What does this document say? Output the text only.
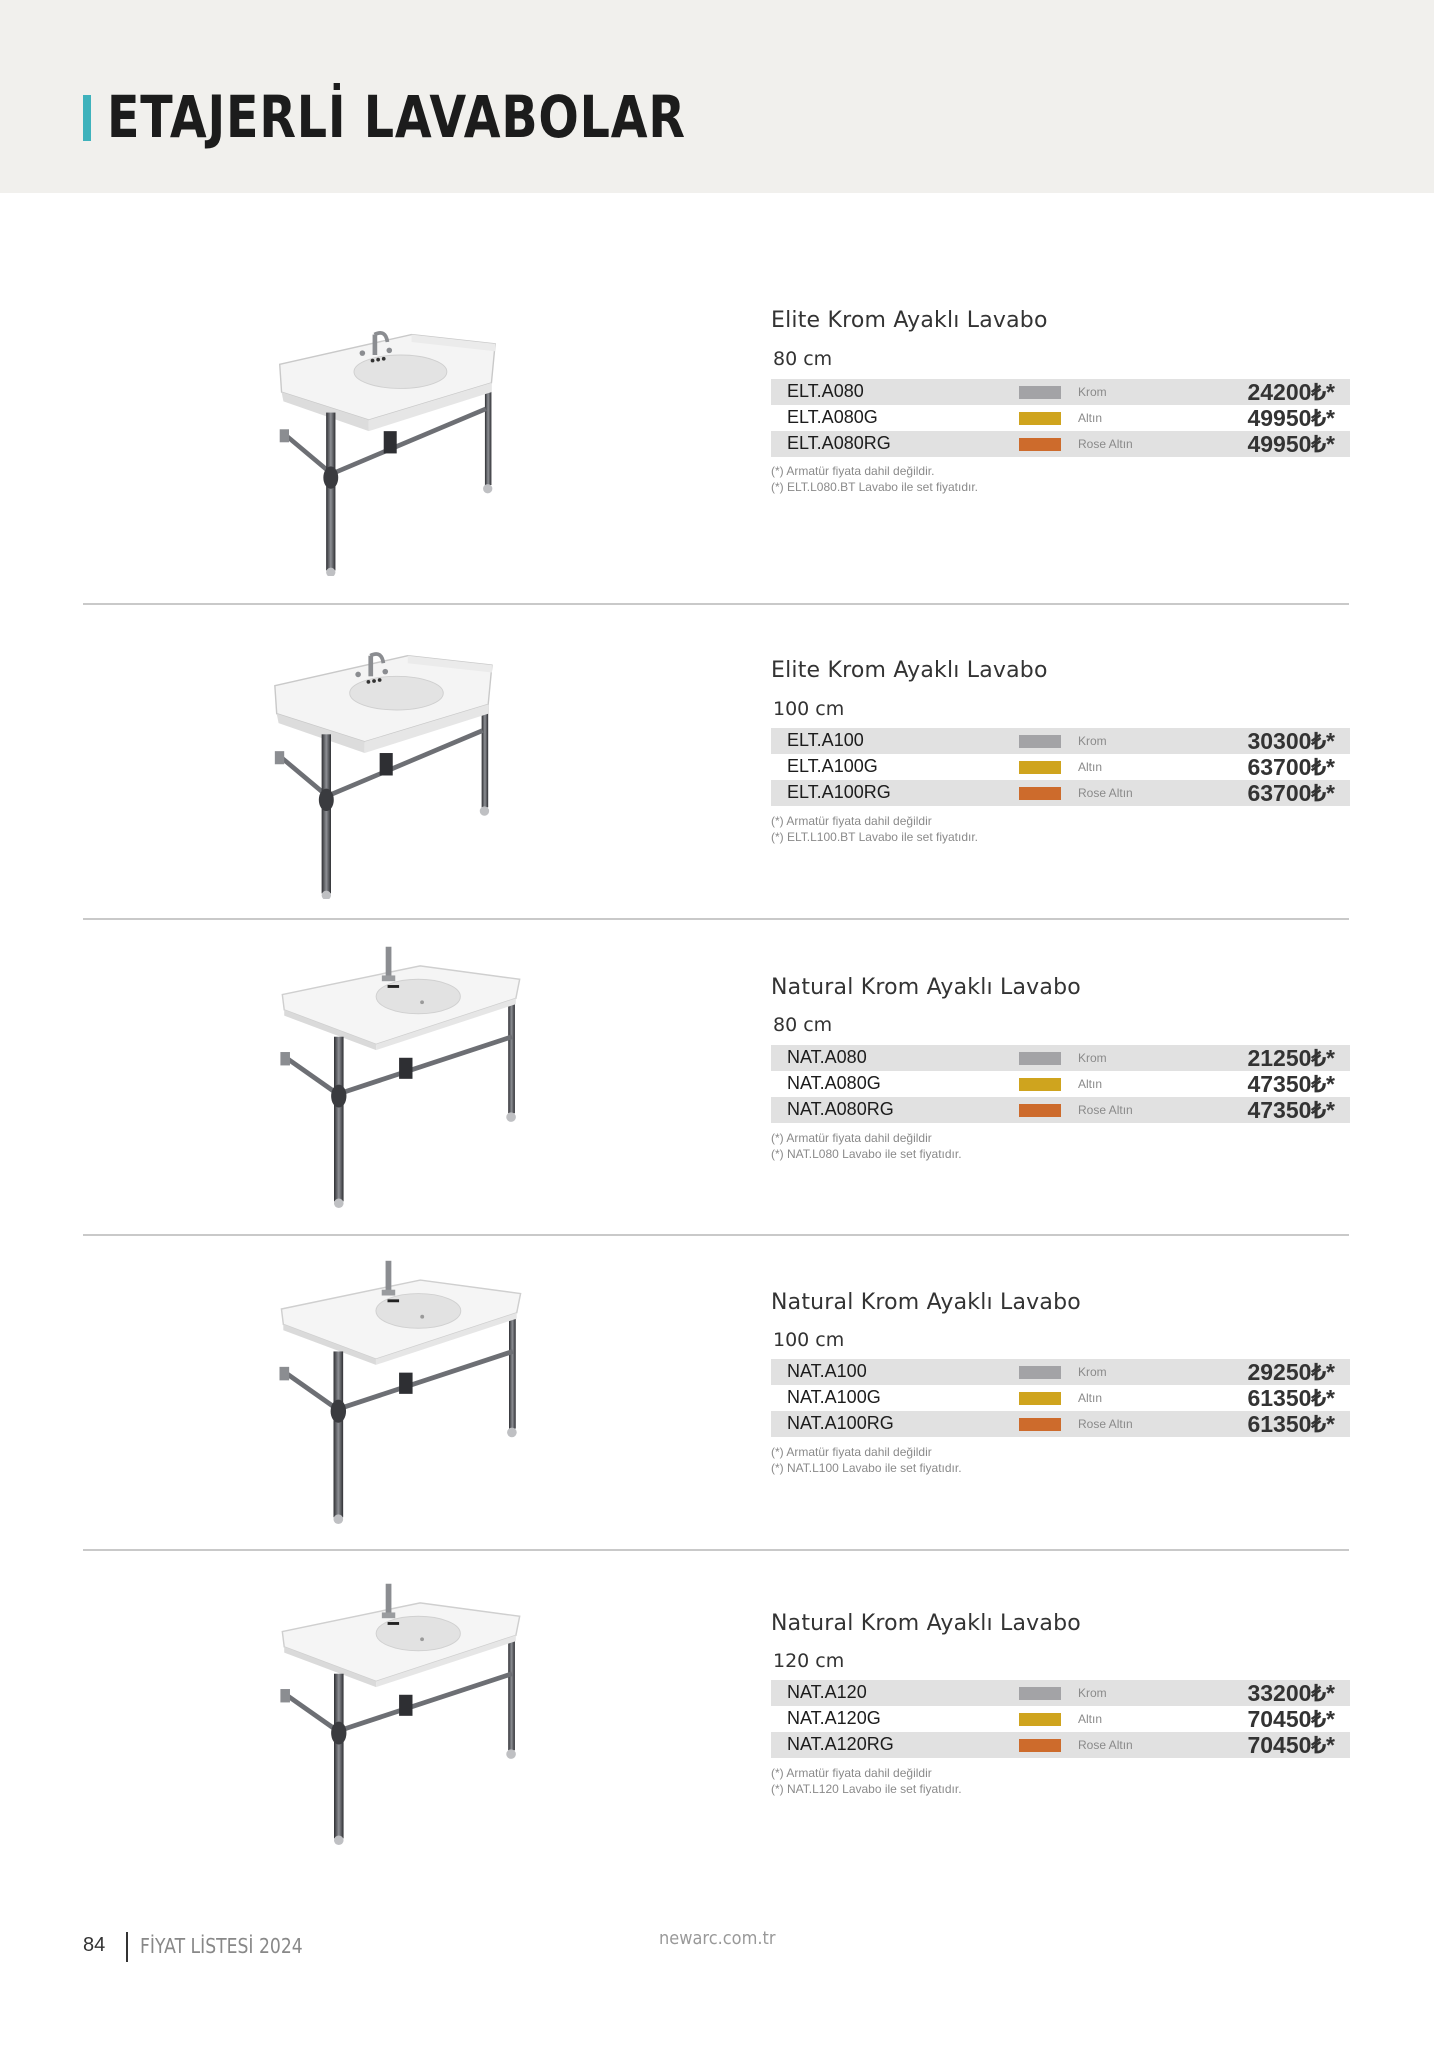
ETAJERLİ LAVABOLAR
Elite Krom Ayaklı Lavabo
80 cm
ELT.A080	Krom	24200₺*
ELT.A080G	Altın	49950₺*
ELT.A080RG	Rose Altın	49950₺*
(*) Armatür fiyata dahil değildir.
(*) ELT.L080.BT Lavabo ile set fiyatıdır.
Elite Krom Ayaklı Lavabo
100 cm
ELT.A100	Krom	30300₺*
ELT.A100G	Altın	63700₺*
ELT.A100RG	Rose Altın	63700₺*
(*) Armatür fiyata dahil değildir
(*) ELT.L100.BT Lavabo ile set fiyatıdır.
Natural Krom Ayaklı Lavabo
80 cm
NAT.A080	Krom	21250₺*
NAT.A080G	Altın	47350₺*
NAT.A080RG	Rose Altın	47350₺*
(*) Armatür fiyata dahil değildir
(*) NAT.L080 Lavabo ile set fiyatıdır.
Natural Krom Ayaklı Lavabo
100 cm
NAT.A100	Krom	29250₺*
NAT.A100G	Altın	61350₺*
NAT.A100RG	Rose Altın	61350₺*
(*) Armatür fiyata dahil değildir
(*) NAT.L100 Lavabo ile set fiyatıdır.
Natural Krom Ayaklı Lavabo
120 cm
NAT.A120	Krom	33200₺*
NAT.A120G	Altın	70450₺*
NAT.A120RG	Rose Altın	70450₺*
(*) Armatür fiyata dahil değildir
(*) NAT.L120 Lavabo ile set fiyatıdır.
84 FİYAT LİSTESİ 2024	newarc.com.tr
